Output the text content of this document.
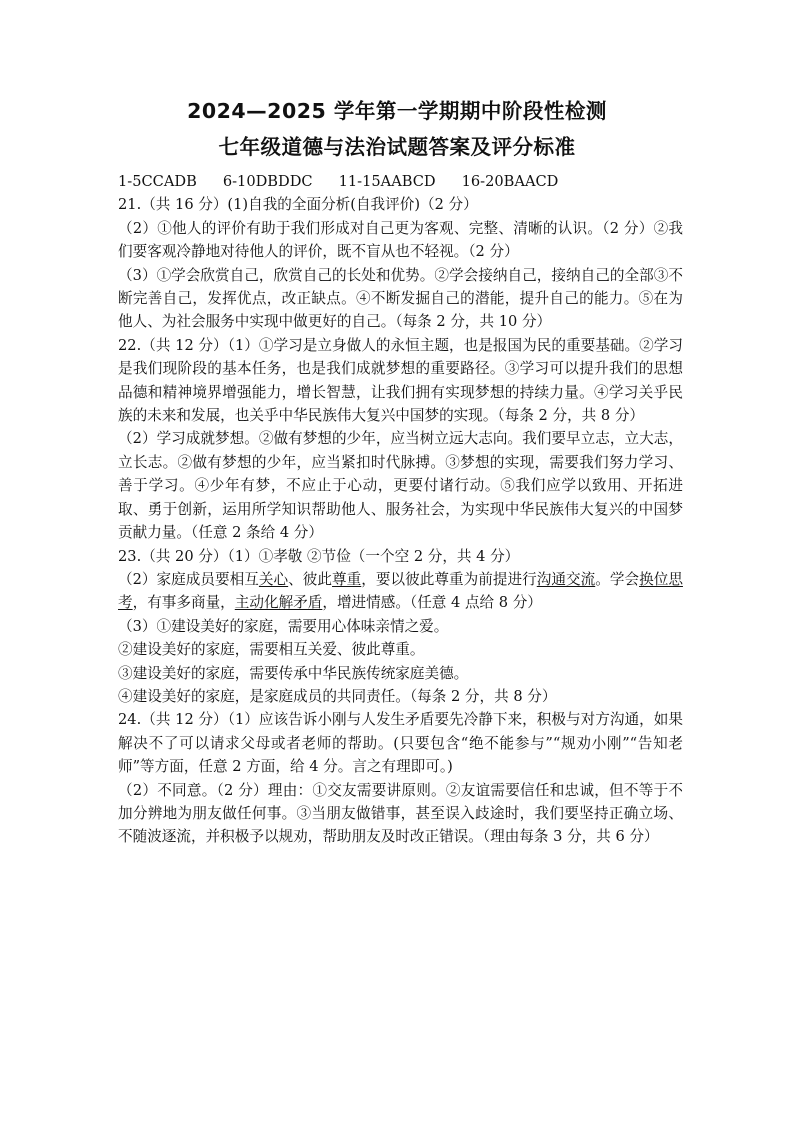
2024—2025 学年第一学期期中阶段性检测
七年级道德与法治试题答案及评分标准

1-5CCADB 6-10DBDDC 11-15AABCD 16-20BAACD

21.（共 16 分）(1)自我的全面分析(自我评价)（2 分）

（2）①他人的评价有助于我们形成对自己更为客观、完整、清晰的认识。（2 分）②我们要客观冷静地对待他人的评价，既不盲从也不轻视。（2 分）

（3）①学会欣赏自己，欣赏自己的长处和优势。②学会接纳自己，接纳自己的全部③不断完善自己，发挥优点，改正缺点。④不断发掘自己的潜能，提升自己的能力。⑤在为他人、为社会服务中实现中做更好的自己。（每条 2 分，共 10 分）

22.（共 12 分）（1）①学习是立身做人的永恒主题，也是报国为民的重要基础。②学习是我们现阶段的基本任务，也是我们成就梦想的重要路径。③学习可以提升我们的思想品德和精神境界增强能力，增长智慧，让我们拥有实现梦想的持续力量。④学习关乎民族的未来和发展，也关乎中华民族伟大复兴中国梦的实现。（每条 2 分，共 8 分）

（2）学习成就梦想。②做有梦想的少年，应当树立远大志向。我们要早立志，立大志，立长志。②做有梦想的少年，应当紧扣时代脉搏。③梦想的实现，需要我们努力学习、善于学习。④少年有梦，不应止于心动，更要付诸行动。⑤我们应学以致用、开拓进取、勇于创新，运用所学知识帮助他人、服务社会，为实现中华民族伟大复兴的中国梦贡献力量。（任意 2 条给 4 分）

23.（共 20 分）（1）①孝敬 ②节俭（一个空 2 分，共 4 分）

（2）家庭成员要相互关心、彼此尊重，要以彼此尊重为前提进行沟通交流。学会换位思考，有事多商量，主动化解矛盾，增进情感。（任意 4 点给 8 分）

（3）①建设美好的家庭，需要用心体味亲情之爱。

②建设美好的家庭，需要相互关爱、彼此尊重。

③建设美好的家庭，需要传承中华民族传统家庭美德。

④建设美好的家庭，是家庭成员的共同责任。（每条 2 分，共 8 分）

24.（共 12 分）（1）应该告诉小刚与人发生矛盾要先冷静下来，积极与对方沟通，如果解决不了可以请求父母或者老师的帮助。(只要包含“绝不能参与”“规劝小刚”“告知老师”等方面，任意 2 方面，给 4 分。言之有理即可。)

（2）不同意。（2 分）理由：①交友需要讲原则。②友谊需要信任和忠诚，但不等于不加分辨地为朋友做任何事。③当朋友做错事，甚至误入歧途时，我们要坚持正确立场、不随波逐流，并积极予以规劝，帮助朋友及时改正错误。（理由每条 3 分，共 6 分）
